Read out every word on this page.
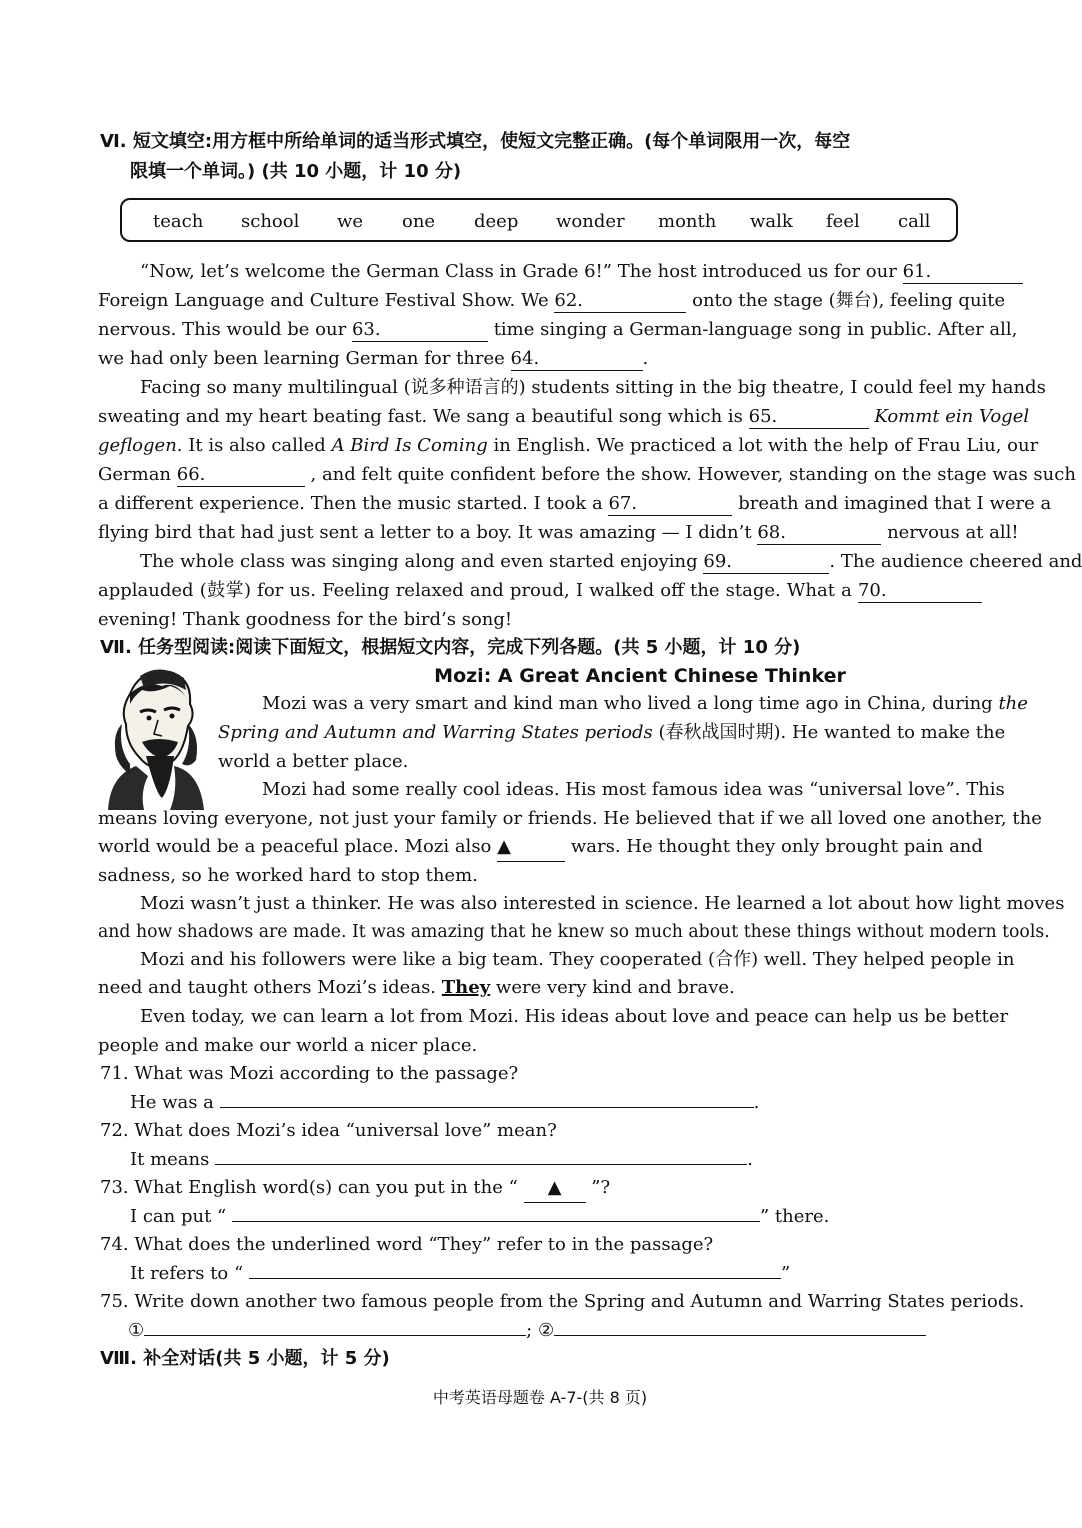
Ⅵ. 短文填空:用方框中所给单词的适当形式填空，使短文完整正确。(每个单词限用一次，每空
限填一个单词。) (共 10 小题，计 10 分)
teach school we one deep wonder month walk feel call
“Now, let’s welcome the German Class in Grade 6!” The host introduced us for our 61.
Foreign Language and Culture Festival Show. We 62.	onto the stage (舞台), feeling quite
nervous. This would be our 63.	time singing a German-language song in public. After all,
we had only been learning German for three 64.	.
Facing so many multilingual (说多种语言的) students sitting in the big theatre, I could feel my hands
sweating and my heart beating fast. We sang a beautiful song which is 65.	Kommt ein Vogel
geflogen. It is also called A Bird Is Coming in English. We practiced a lot with the help of Frau Liu, our
German 66.	, and felt quite confident before the show. However, standing on the stage was such
a different experience. Then the music started. I took a 67.	breath and imagined that I were a
flying bird that had just sent a letter to a boy. It was amazing — I didn’t 68.	nervous at all!
The whole class was singing along and even started enjoying 69.	. The audience cheered and
applauded (鼓掌) for us. Feeling relaxed and proud, I walked off the stage. What a 70.
evening! Thank goodness for the bird’s song!
Ⅶ. 任务型阅读:阅读下面短文，根据短文内容，完成下列各题。(共 5 小题，计 10 分)
Mozi: A Great Ancient Chinese Thinker
Mozi was a very smart and kind man who lived a long time ago in China, during the
Spring and Autumn and Warring States periods (春秋战国时期). He wanted to make the
world a better place.
Mozi had some really cool ideas. His most famous idea was “universal love”. This
means loving everyone, not just your family or friends. He believed that if we all loved one another, the
world would be a peaceful place. Mozi also ▲	wars. He thought they only brought pain and
sadness, so he worked hard to stop them.
Mozi wasn’t just a thinker. He was also interested in science. He learned a lot about how light moves
and how shadows are made. It was amazing that he knew so much about these things without modern tools.
Mozi and his followers were like a big team. They cooperated (合作) well. They helped people in
need and taught others Mozi’s ideas. They were very kind and brave.
Even today, we can learn a lot from Mozi. His ideas about love and peace can help us be better
people and make our world a nicer place.
71. What was Mozi according to the passage?
He was a	.
72. What does Mozi’s idea “universal love” mean?
It means	.
73. What English word(s) can you put in the “ ▲ ”?
I can put “	” there.
74. What does the underlined word “They” refer to in the passage?
It refers to “	”
75. Write down another two famous people from the Spring and Autumn and Warring States periods.
①	; ②
Ⅷ. 补全对话(共 5 小题，计 5 分)
中考英语母题卷 A-7-(共 8 页)
